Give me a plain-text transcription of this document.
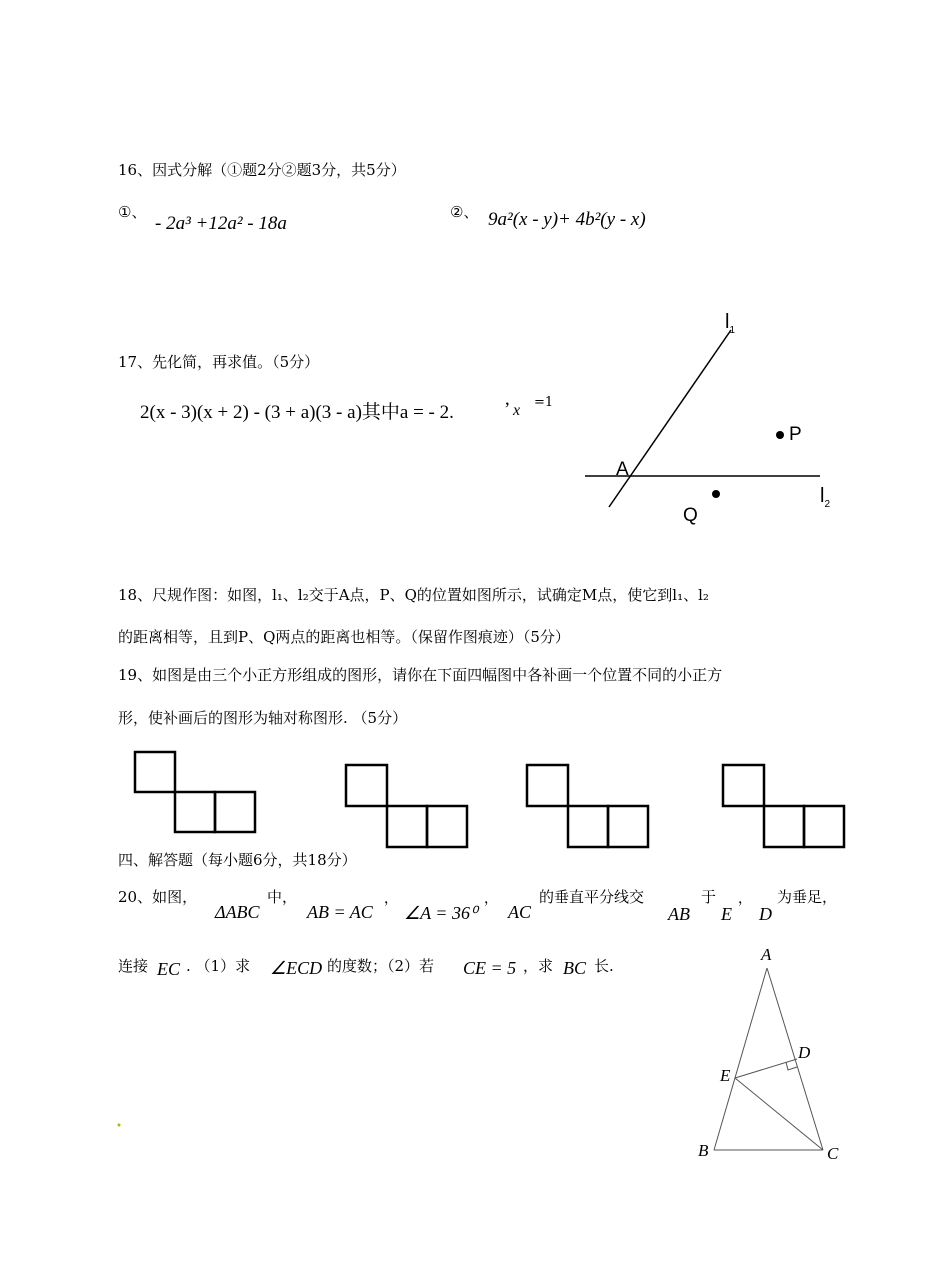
16、因式分解（①题2分②题3分，共5分）
①、
- 2a³ +12a² - 18a
②、 9a²(x - y)+ 4b²(y - x)
17、先化简，再求值。（5分）
2(x - 3)(x + 2) - (3 + a)(3 - a)其中a = - 2.	’ x =1
$l_1$
$l_2$
A
P
Q
18、尺规作图：如图，l₁、l₂交于A点，P、Q的位置如图所示，试确定M点，使它到l₁、l₂
的距离相等，且到P、Q两点的距离也相等。（保留作图痕迹）（5分）
19、如图是由三个小正方形组成的图形，请你在下面四幅图中各补画一个位置不同的小正方
形，使补画后的图形为轴对称图形. （5分）
四、解答题（每小题6分，共18分）
20、如图，
ΔABC
中，
AB = AC
，
∠A = 36⁰
，
AC
的垂直平分线交
AB
于
E
，
D
为垂足，
连接 EC . （1）求 ∠ECD 的度数；（2）若 CE = 5 ，求 BC 长.
A
D
E
B	C
